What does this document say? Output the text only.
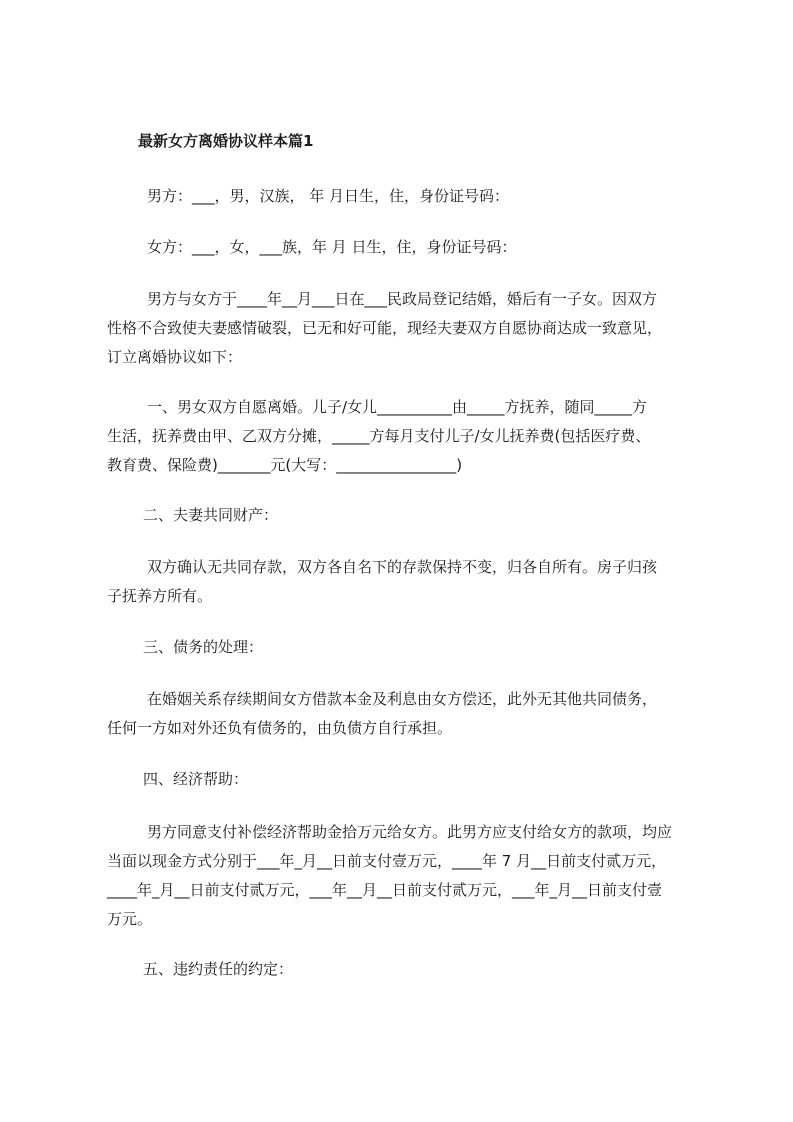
最新女方离婚协议样本篇1
男方：___，男，汉族， 年 月日生，住，身份证号码：
女方：___，女，___族，年 月 日生，住，身份证号码：
男方与女方于____年__月___日在___民政局登记结婚，婚后有一子女。因双方
性格不合致使夫妻感情破裂，已无和好可能，现经夫妻双方自愿协商达成一致意见，
订立离婚协议如下：
一、男女双方自愿离婚。儿子/女儿__________由_____方抚养，随同_____方
生活，抚养费由甲、乙双方分摊，_____方每月支付儿子/女儿抚养费(包括医疗费、
教育费、保险费)_______元(大写：________________)
二、夫妻共同财产：
双方确认无共同存款，双方各自名下的存款保持不变，归各自所有。房子归孩
子抚养方所有。
三、债务的处理：
在婚姻关系存续期间女方借款本金及利息由女方偿还，此外无其他共同债务，
任何一方如对外还负有债务的，由负债方自行承担。
四、经济帮助：
男方同意支付补偿经济帮助金拾万元给女方。此男方应支付给女方的款项，均应
当面以现金方式分别于___年_月__日前支付壹万元，____年 7 月__日前支付贰万元，
____年_月__日前支付贰万元，___年__月__日前支付贰万元，___年_月__日前支付壹
万元。
五、违约责任的约定：
